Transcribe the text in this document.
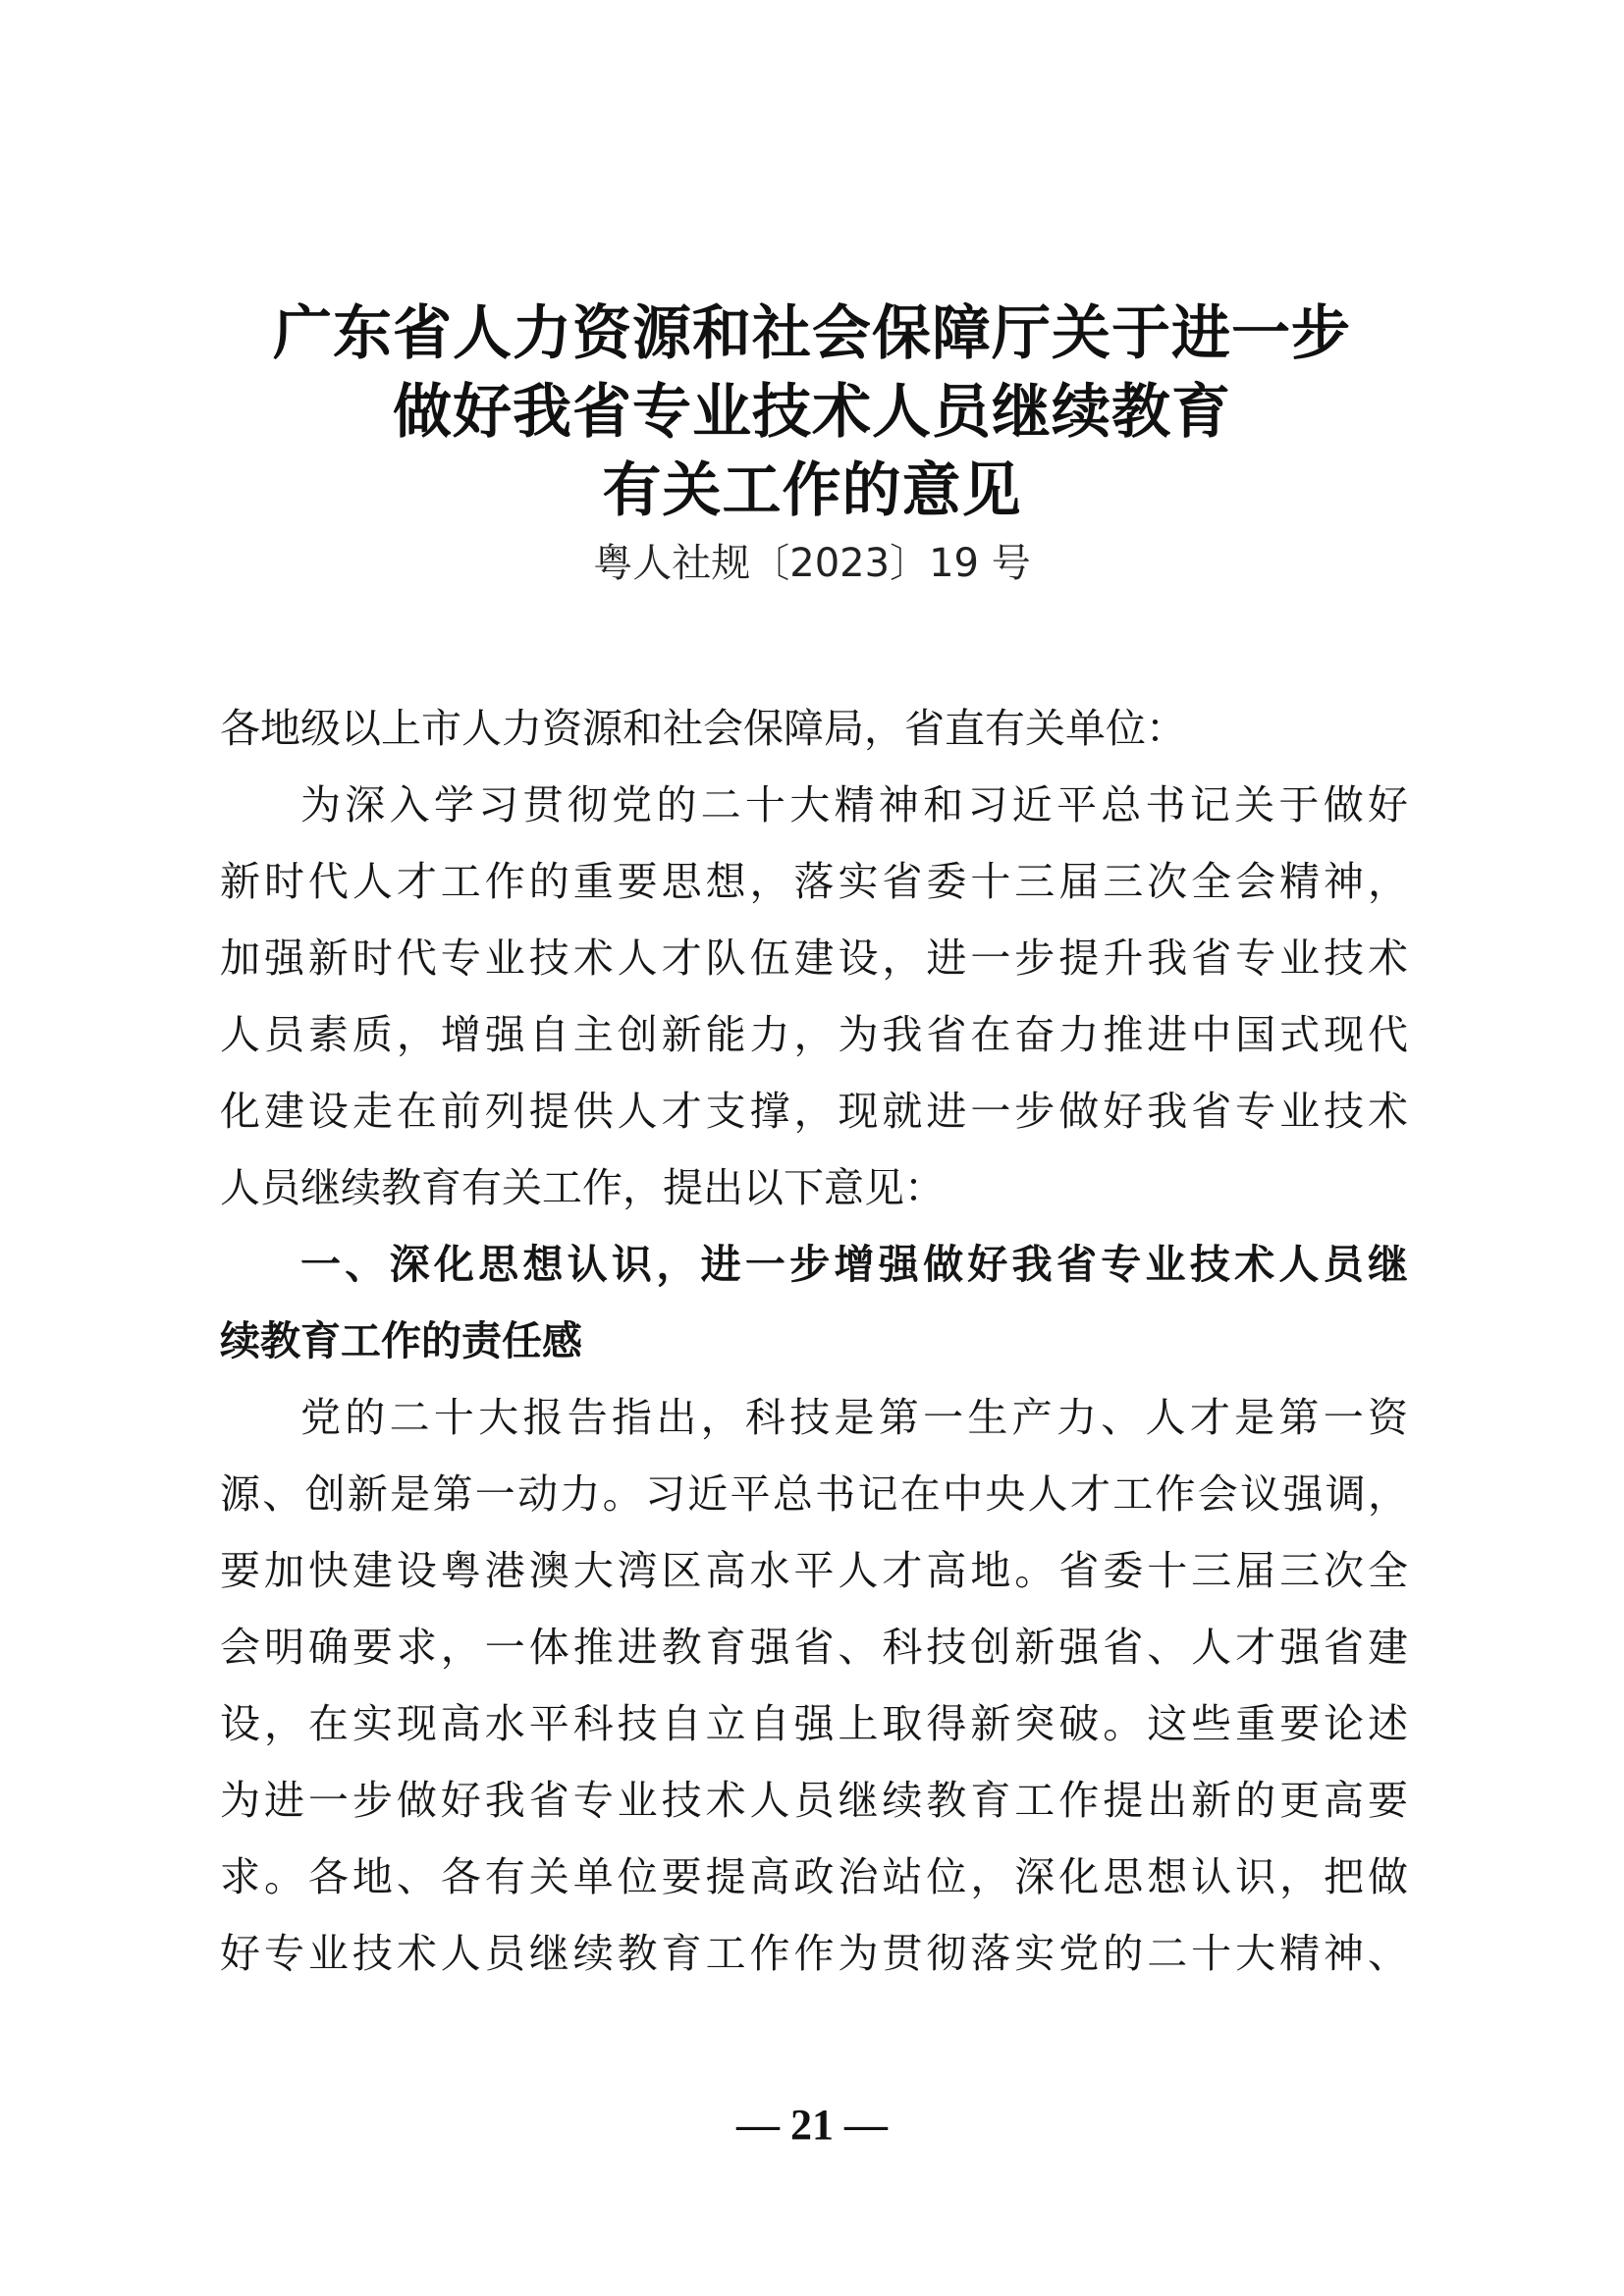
广东省人力资源和社会保障厅关于进一步
做好我省专业技术人员继续教育
有关工作的意见
粤人社规〔2023〕19 号
各地级以上市人力资源和社会保障局，省直有关单位：
为深入学习贯彻党的二十大精神和习近平总书记关于做好
新时代人才工作的重要思想，落实省委十三届三次全会精神，
加强新时代专业技术人才队伍建设，进一步提升我省专业技术
人员素质，增强自主创新能力，为我省在奋力推进中国式现代
化建设走在前列提供人才支撑，现就进一步做好我省专业技术
人员继续教育有关工作，提出以下意见：
一、深化思想认识，进一步增强做好我省专业技术人员继
续教育工作的责任感
党的二十大报告指出，科技是第一生产力、人才是第一资
源、创新是第一动力。习近平总书记在中央人才工作会议强调，
要加快建设粤港澳大湾区高水平人才高地。省委十三届三次全
会明确要求，一体推进教育强省、科技创新强省、人才强省建
设，在实现高水平科技自立自强上取得新突破。这些重要论述
为进一步做好我省专业技术人员继续教育工作提出新的更高要
求。各地、各有关单位要提高政治站位，深化思想认识，把做
好专业技术人员继续教育工作作为贯彻落实党的二十大精神、
— 21 —
